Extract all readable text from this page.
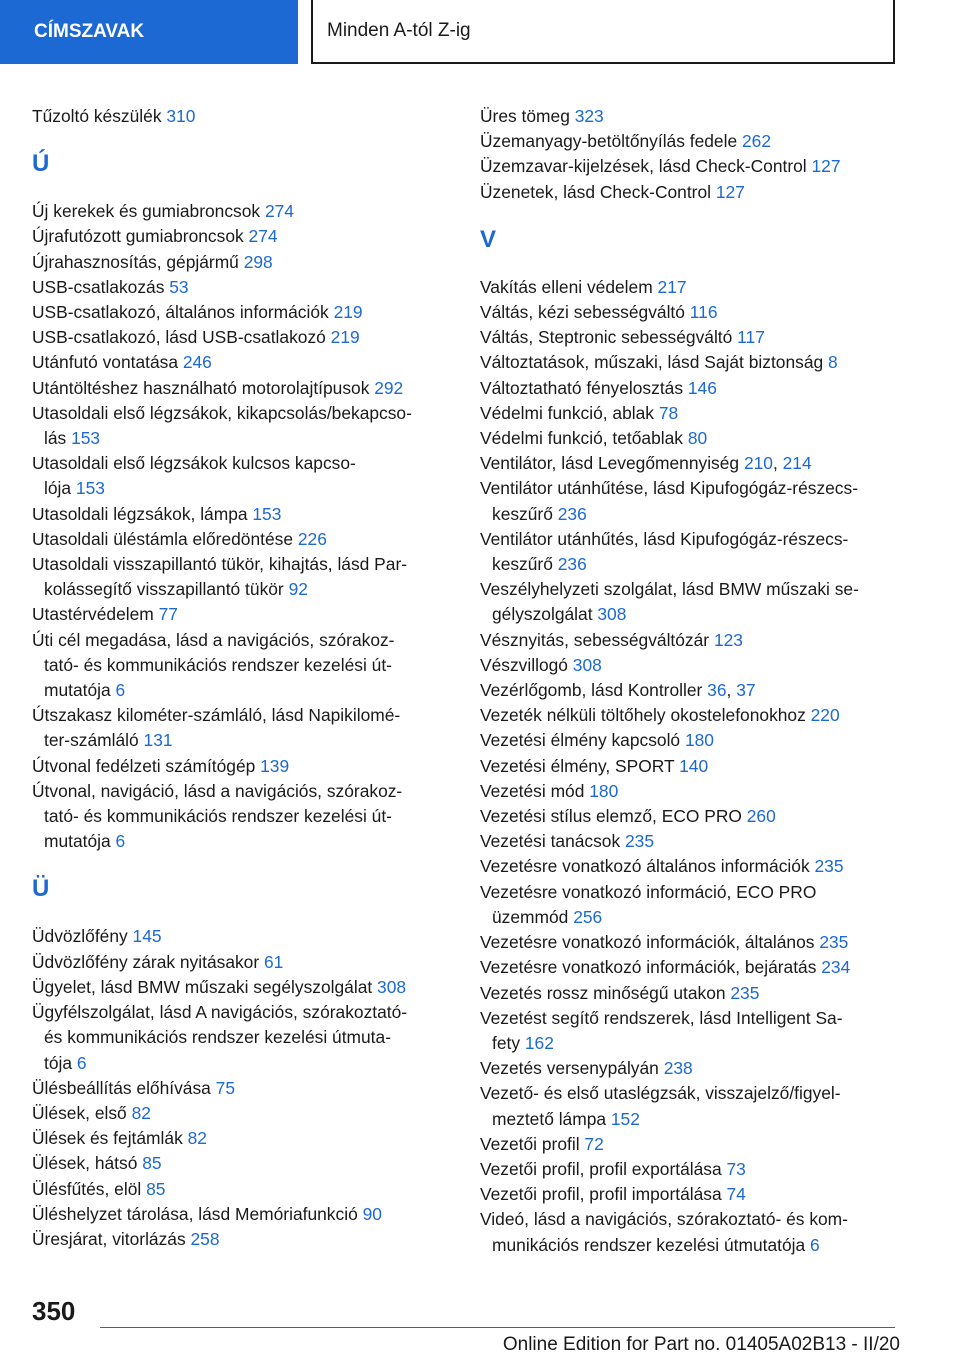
CÍMSZAVAK	Minden A-tól Z-ig
Tűzoltó készülék 310
Ú
Új kerekek és gumiabroncsok 274
Újrafutózott gumiabroncsok 274
Újrahasznosítás, gépjármű 298
USB-csatlakozás 53
USB-csatlakozó, általános információk 219
USB-csatlakozó, lásd USB-csatlakozó 219
Utánfutó vontatása 246
Utántöltéshez használható motorolajtípusok 292
Utasoldali első légzsákok, kikapcsolás/bekapcso-
lás 153
Utasoldali első légzsákok kulcsos kapcso-
lója 153
Utasoldali légzsákok, lámpa 153
Utasoldali üléstámla előredöntése 226
Utasoldali visszapillantó tükör, kihajtás, lásd Par-
kolássegítő visszapillantó tükör 92
Utastérvédelem 77
Úti cél megadása, lásd a navigációs, szórakoz-
tató- és kommunikációs rendszer kezelési út-
mutatója 6
Útszakasz kilométer-számláló, lásd Napikilomé-
ter-számláló 131
Útvonal fedélzeti számítógép 139
Útvonal, navigáció, lásd a navigációs, szórakoz-
tató- és kommunikációs rendszer kezelési út-
mutatója 6
Ü
Üdvözlőfény 145
Üdvözlőfény zárak nyitásakor 61
Ügyelet, lásd BMW műszaki segélyszolgálat 308
Ügyfélszolgálat, lásd A navigációs, szórakoztató-
és kommunikációs rendszer kezelési útmuta-
tója 6
Ülésbeállítás előhívása 75
Ülések, első 82
Ülések és fejtámlák 82
Ülések, hátsó 85
Ülésfűtés, elöl 85
Üléshelyzet tárolása, lásd Memóriafunkció 90
Üresjárat, vitorlázás 258
Üres tömeg 323
Üzemanyagy-betöltőnyílás fedele 262
Üzemzavar-kijelzések, lásd Check-Control 127
Üzenetek, lásd Check-Control 127
V
Vakítás elleni védelem 217
Váltás, kézi sebességváltó 116
Váltás, Steptronic sebességváltó 117
Változtatások, műszaki, lásd Saját biztonság 8
Változtatható fényelosztás 146
Védelmi funkció, ablak 78
Védelmi funkció, tetőablak 80
Ventilátor, lásd Levegőmennyiség 210, 214
Ventilátor utánhűtése, lásd Kipufogógáz-részecs-
keszűrő 236
Ventilátor utánhűtés, lásd Kipufogógáz-részecs-
keszűrő 236
Veszélyhelyzeti szolgálat, lásd BMW műszaki se-
gélyszolgálat 308
Vésznyitás, sebességváltózár 123
Vészvillogó 308
Vezérlőgomb, lásd Kontroller 36, 37
Vezeték nélküli töltőhely okostelefonokhoz 220
Vezetési élmény kapcsoló 180
Vezetési élmény, SPORT 140
Vezetési mód 180
Vezetési stílus elemző, ECO PRO 260
Vezetési tanácsok 235
Vezetésre vonatkozó általános információk 235
Vezetésre vonatkozó információ, ECO PRO
üzemmód 256
Vezetésre vonatkozó információk, általános 235
Vezetésre vonatkozó információk, bejáratás 234
Vezetés rossz minőségű utakon 235
Vezetést segítő rendszerek, lásd Intelligent Sa-
fety 162
Vezetés versenypályán 238
Vezető- és első utaslégzsák, visszajelző/figyel-
meztető lámpa 152
Vezetői profil 72
Vezetői profil, profil exportálása 73
Vezetői profil, profil importálása 74
Videó, lásd a navigációs, szórakoztató- és kom-
munikációs rendszer kezelési útmutatója 6
350
Online Edition for Part no. 01405A02B13 - II/20
